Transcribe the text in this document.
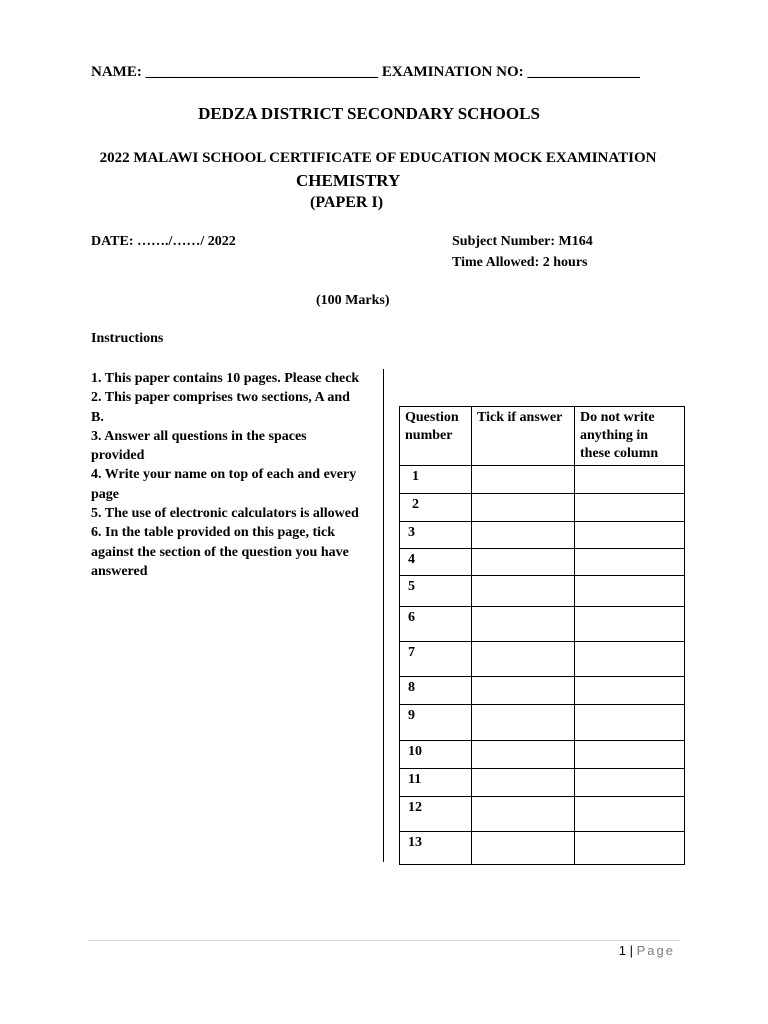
NAME: _______________________________ EXAMINATION NO: _______________
DEDZA DISTRICT SECONDARY SCHOOLS
2022 MALAWI SCHOOL CERTIFICATE OF EDUCATION MOCK EXAMINATION
CHEMISTRY
(PAPER I)
DATE: ……./……/ 2022	Subject Number: M164
Time Allowed: 2 hours
(100 Marks)
Instructions
1. This paper contains 10 pages. Please check
2. This paper comprises two sections, A and B.
3. Answer all questions in the spaces provided
4. Write your name on top of each and every page
5. The use of electronic calculators is allowed
6. In the table provided on this page, tick against the section of the question you have answered
Question number	Tick if answer	Do not write anything in these column
1		
2		
3		
4		
5		
6		
7		
8		
9		
10		
11		
12		
13		
1 | Page
